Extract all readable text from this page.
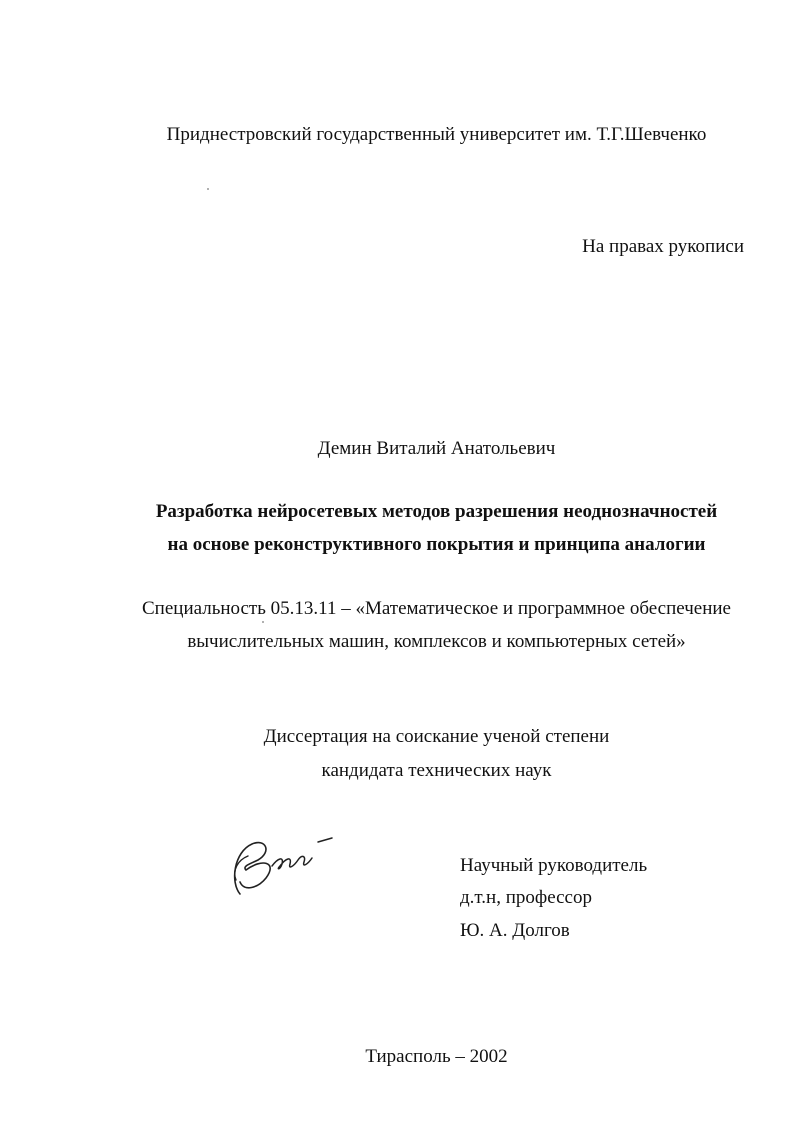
Приднестровский государственный университет им. Т.Г.Шевченко
На правах рукописи
Демин Виталий Анатольевич
Разработка нейросетевых методов разрешения неоднозначностей
на основе реконструктивного покрытия и принципа аналогии
Специальность 05.13.11 – «Математическое и программное обеспечение
вычислительных машин, комплексов и компьютерных сетей»
Диссертация на соискание ученой степени
кандидата технических наук
Научный руководитель
д.т.н, профессор
Ю. А. Долгов
Тирасполь – 2002
